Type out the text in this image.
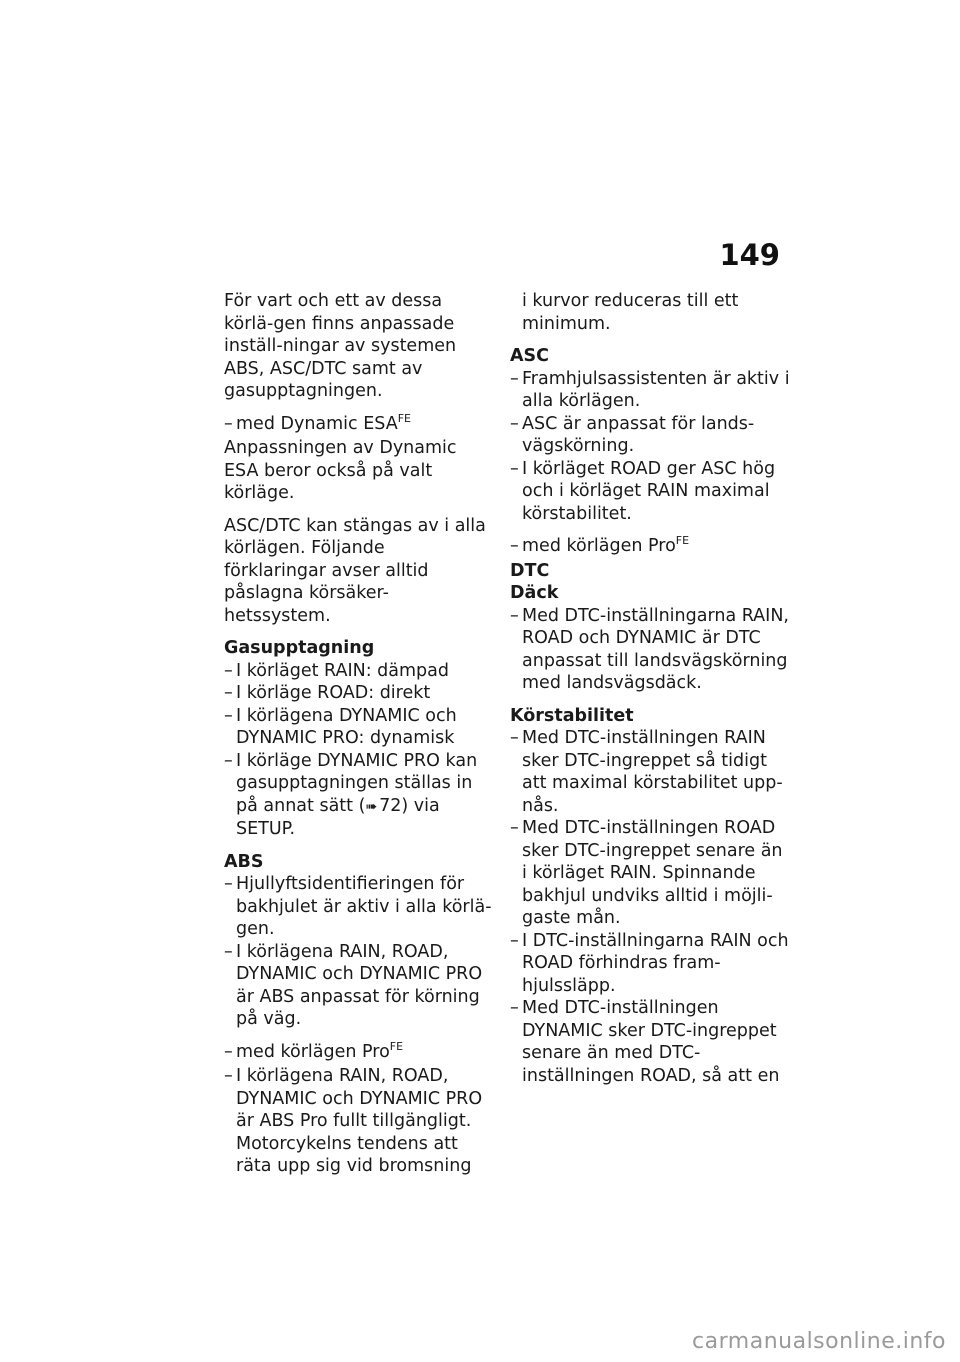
149

För vart och ett av dessa körlä-gen finns anpassade inställ-ningar av systemen ABS, ASC/DTC samt av gasupptagningen.

– med Dynamic $ESA^{FE}$

Anpassningen av Dynamic ESA beror också på valt körläge.

ASC/DTC kan stängas av i alla körlägen. Följande förklaringar avser alltid påslagna körsäker-hetssystem.

Gasupptagning
– I körläget RAIN: dämpad
– I körläge ROAD: direkt
– I körlägena DYNAMIC och DYNAMIC PRO: dynamisk
– I körläge DYNAMIC PRO kan gasupptagningen ställas in på annat sätt (➠ 72) via SETUP.
ABS
– Hjullyftsidentifieringen för bakhjulet är aktiv i alla körlä-gen.
– I körlägena RAIN, ROAD, DYNAMIC och DYNAMIC PRO är ABS anpassat för körning på väg.
– med körlägen Pro$^{FE}$
– I körlägena RAIN, ROAD, DYNAMIC och DYNAMIC PRO är ABS Pro fullt tillgängligt. Motorcykelns tendens att räta upp sig vid bromsning
i kurvor reduceras till ett minimum.
ASC
– Framhjulsassistenten är aktiv i alla körlägen.
– ASC är anpassat för lands-vägskörning.
– I körläget ROAD ger ASC hög och i körläget RAIN maximal körstabilitet.
– med körlägen Pro$^{FE}$
DTC
Däck
– Med DTC-inställningarna RAIN, ROAD och DYNAMIC är DTC anpassat till landsvägskörning med landsvägsdäck.
Körstabilitet
– Med DTC-inställningen RAIN sker DTC-ingreppet så tidigt att maximal körstabilitet upp-nås.
– Med DTC-inställningen ROAD sker DTC-ingreppet senare än i körläget RAIN. Spinnande bakhjul undviks alltid i möjli-gaste mån.
– I DTC-inställningarna RAIN och ROAD förhindras fram-hjulssläpp.
– Med DTC-inställningen DYNAMIC sker DTC-ingreppet senare än med DTC-inställningen ROAD, så att en
carmanualsonline.info
